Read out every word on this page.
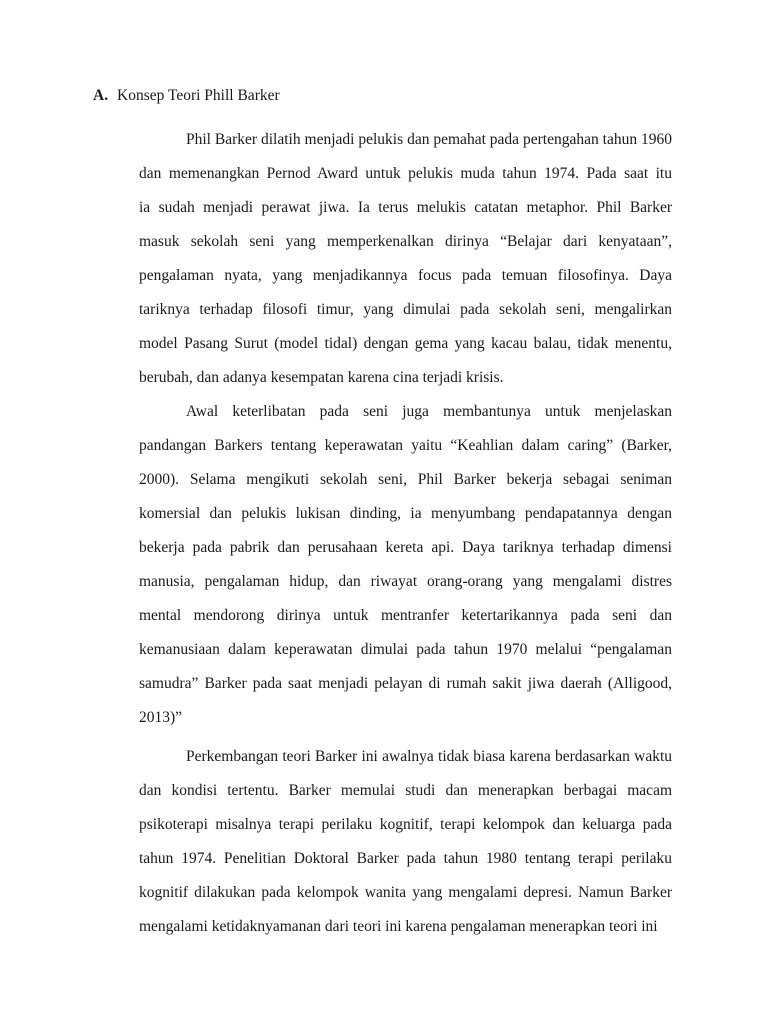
A. Konsep Teori Phill Barker
Phil Barker dilatih menjadi pelukis dan pemahat pada pertengahan tahun 1960
dan memenangkan Pernod Award untuk pelukis muda tahun 1974. Pada saat itu
ia sudah menjadi perawat jiwa. Ia terus melukis catatan metaphor. Phil Barker
masuk sekolah seni yang memperkenalkan dirinya “Belajar dari kenyataan”,
pengalaman nyata, yang menjadikannya focus pada temuan filosofinya. Daya
tariknya terhadap filosofi timur, yang dimulai pada sekolah seni, mengalirkan
model Pasang Surut (model tidal) dengan gema yang kacau balau, tidak menentu,
berubah, dan adanya kesempatan karena cina terjadi krisis.
Awal keterlibatan pada seni juga membantunya untuk menjelaskan
pandangan Barkers tentang keperawatan yaitu “Keahlian dalam caring” (Barker,
2000). Selama mengikuti sekolah seni, Phil Barker bekerja sebagai seniman
komersial dan pelukis lukisan dinding, ia menyumbang pendapatannya dengan
bekerja pada pabrik dan perusahaan kereta api. Daya tariknya terhadap dimensi
manusia, pengalaman hidup, dan riwayat orang-orang yang mengalami distres
mental mendorong dirinya untuk mentranfer ketertarikannya pada seni dan
kemanusiaan dalam keperawatan dimulai pada tahun 1970 melalui “pengalaman
samudra” Barker pada saat menjadi pelayan di rumah sakit jiwa daerah (Alligood,
2013)”
Perkembangan teori Barker ini awalnya tidak biasa karena berdasarkan waktu
dan kondisi tertentu. Barker memulai studi dan menerapkan berbagai macam
psikoterapi misalnya terapi perilaku kognitif, terapi kelompok dan keluarga pada
tahun 1974. Penelitian Doktoral Barker pada tahun 1980 tentang terapi perilaku
kognitif dilakukan pada kelompok wanita yang mengalami depresi. Namun Barker
mengalami ketidaknyamanan dari teori ini karena pengalaman menerapkan teori ini
